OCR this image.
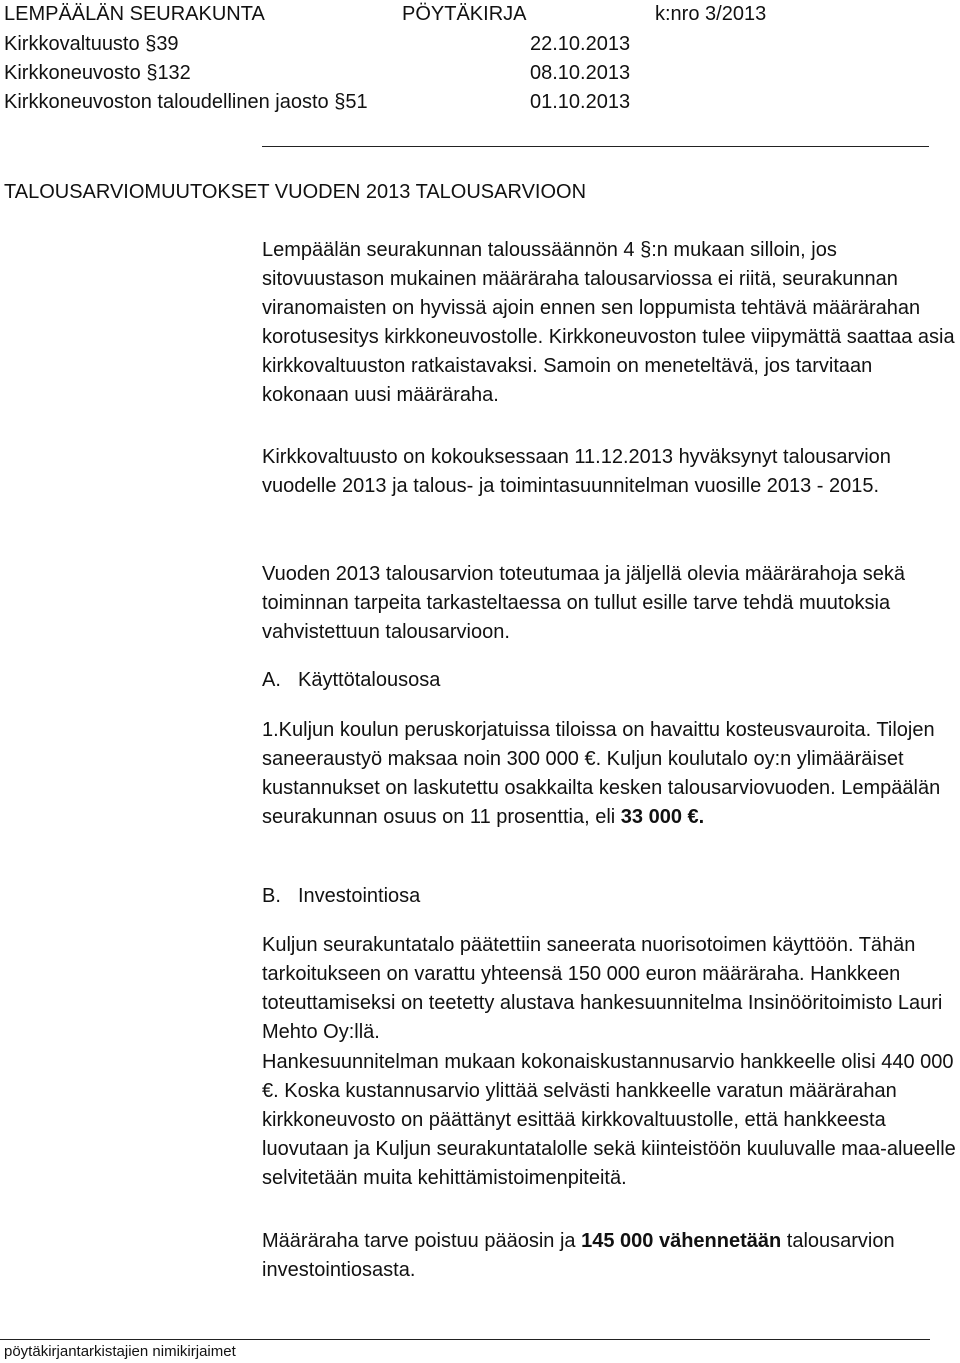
LEMPÄÄLÄN SEURAKUNTA	PÖYTÄKIRJA	k:nro 3/2013
Kirkkovaltuusto §39	22.10.2013
Kirkkoneuvosto §132	08.10.2013
Kirkkoneuvoston taloudellinen jaosto §51	01.10.2013
TALOUSARVIOMUUTOKSET VUODEN 2013 TALOUSARVIOON

Lempäälän seurakunnan taloussäännön 4 §:n mukaan silloin, jos sitovuustason mukainen määräraha talousarviossa ei riitä, seurakunnan viranomaisten on hyvissä ajoin ennen sen loppumista tehtävä määrärahan korotusesitys kirkkoneuvostolle. Kirkkoneuvoston tulee viipymättä saattaa asia kirkkovaltuuston ratkaistavaksi. Samoin on meneteltävä, jos tarvitaan kokonaan uusi määräraha.

Kirkkovaltuusto on kokouksessaan 11.12.2013 hyväksynyt talousarvion vuodelle 2013 ja talous- ja toimintasuunnitelman vuosille 2013 - 2015.

Vuoden 2013 talousarvion toteutumaa ja jäljellä olevia määrärahoja sekä toiminnan tarpeita tarkasteltaessa on tullut esille tarve tehdä muutoksia vahvistettuun talousarvioon.

A. Käyttötalousosa
1.Kuljun koulun peruskorjatuissa tiloissa on havaittu kosteusvauroita. Tilojen saneeraustyö maksaa noin 300 000 €. Kuljun koulutalo oy:n ylimääräiset kustannukset on laskutettu osakkailta kesken talousarviovuoden. Lempäälän seurakunnan osuus on 11 prosenttia, eli 33 000 €.
B. Investointiosa
Kuljun seurakuntatalo päätettiin saneerata nuorisotoimen käyttöön. Tähän tarkoitukseen on varattu yhteensä 150 000 euron määräraha. Hankkeen toteuttamiseksi on teetetty alustava hankesuunnitelma Insinööritoimisto Lauri Mehto Oy:llä.
Hankesuunnitelman mukaan kokonaiskustannusarvio hankkeelle olisi 440 000 €. Koska kustannusarvio ylittää selvästi hankkeelle varatun määrärahan kirkkoneuvosto on päättänyt esittää kirkkovaltuustolle, että hankkeesta luovutaan ja Kuljun seurakuntatalolle sekä kiinteistöön kuuluvalle maa-alueelle selvitetään muita kehittämistoimenpiteitä.
Määräraha tarve poistuu pääosin ja 145 000 vähennetään talousarvion investointiosasta.
pöytäkirjantarkistajien nimikirjaimet
